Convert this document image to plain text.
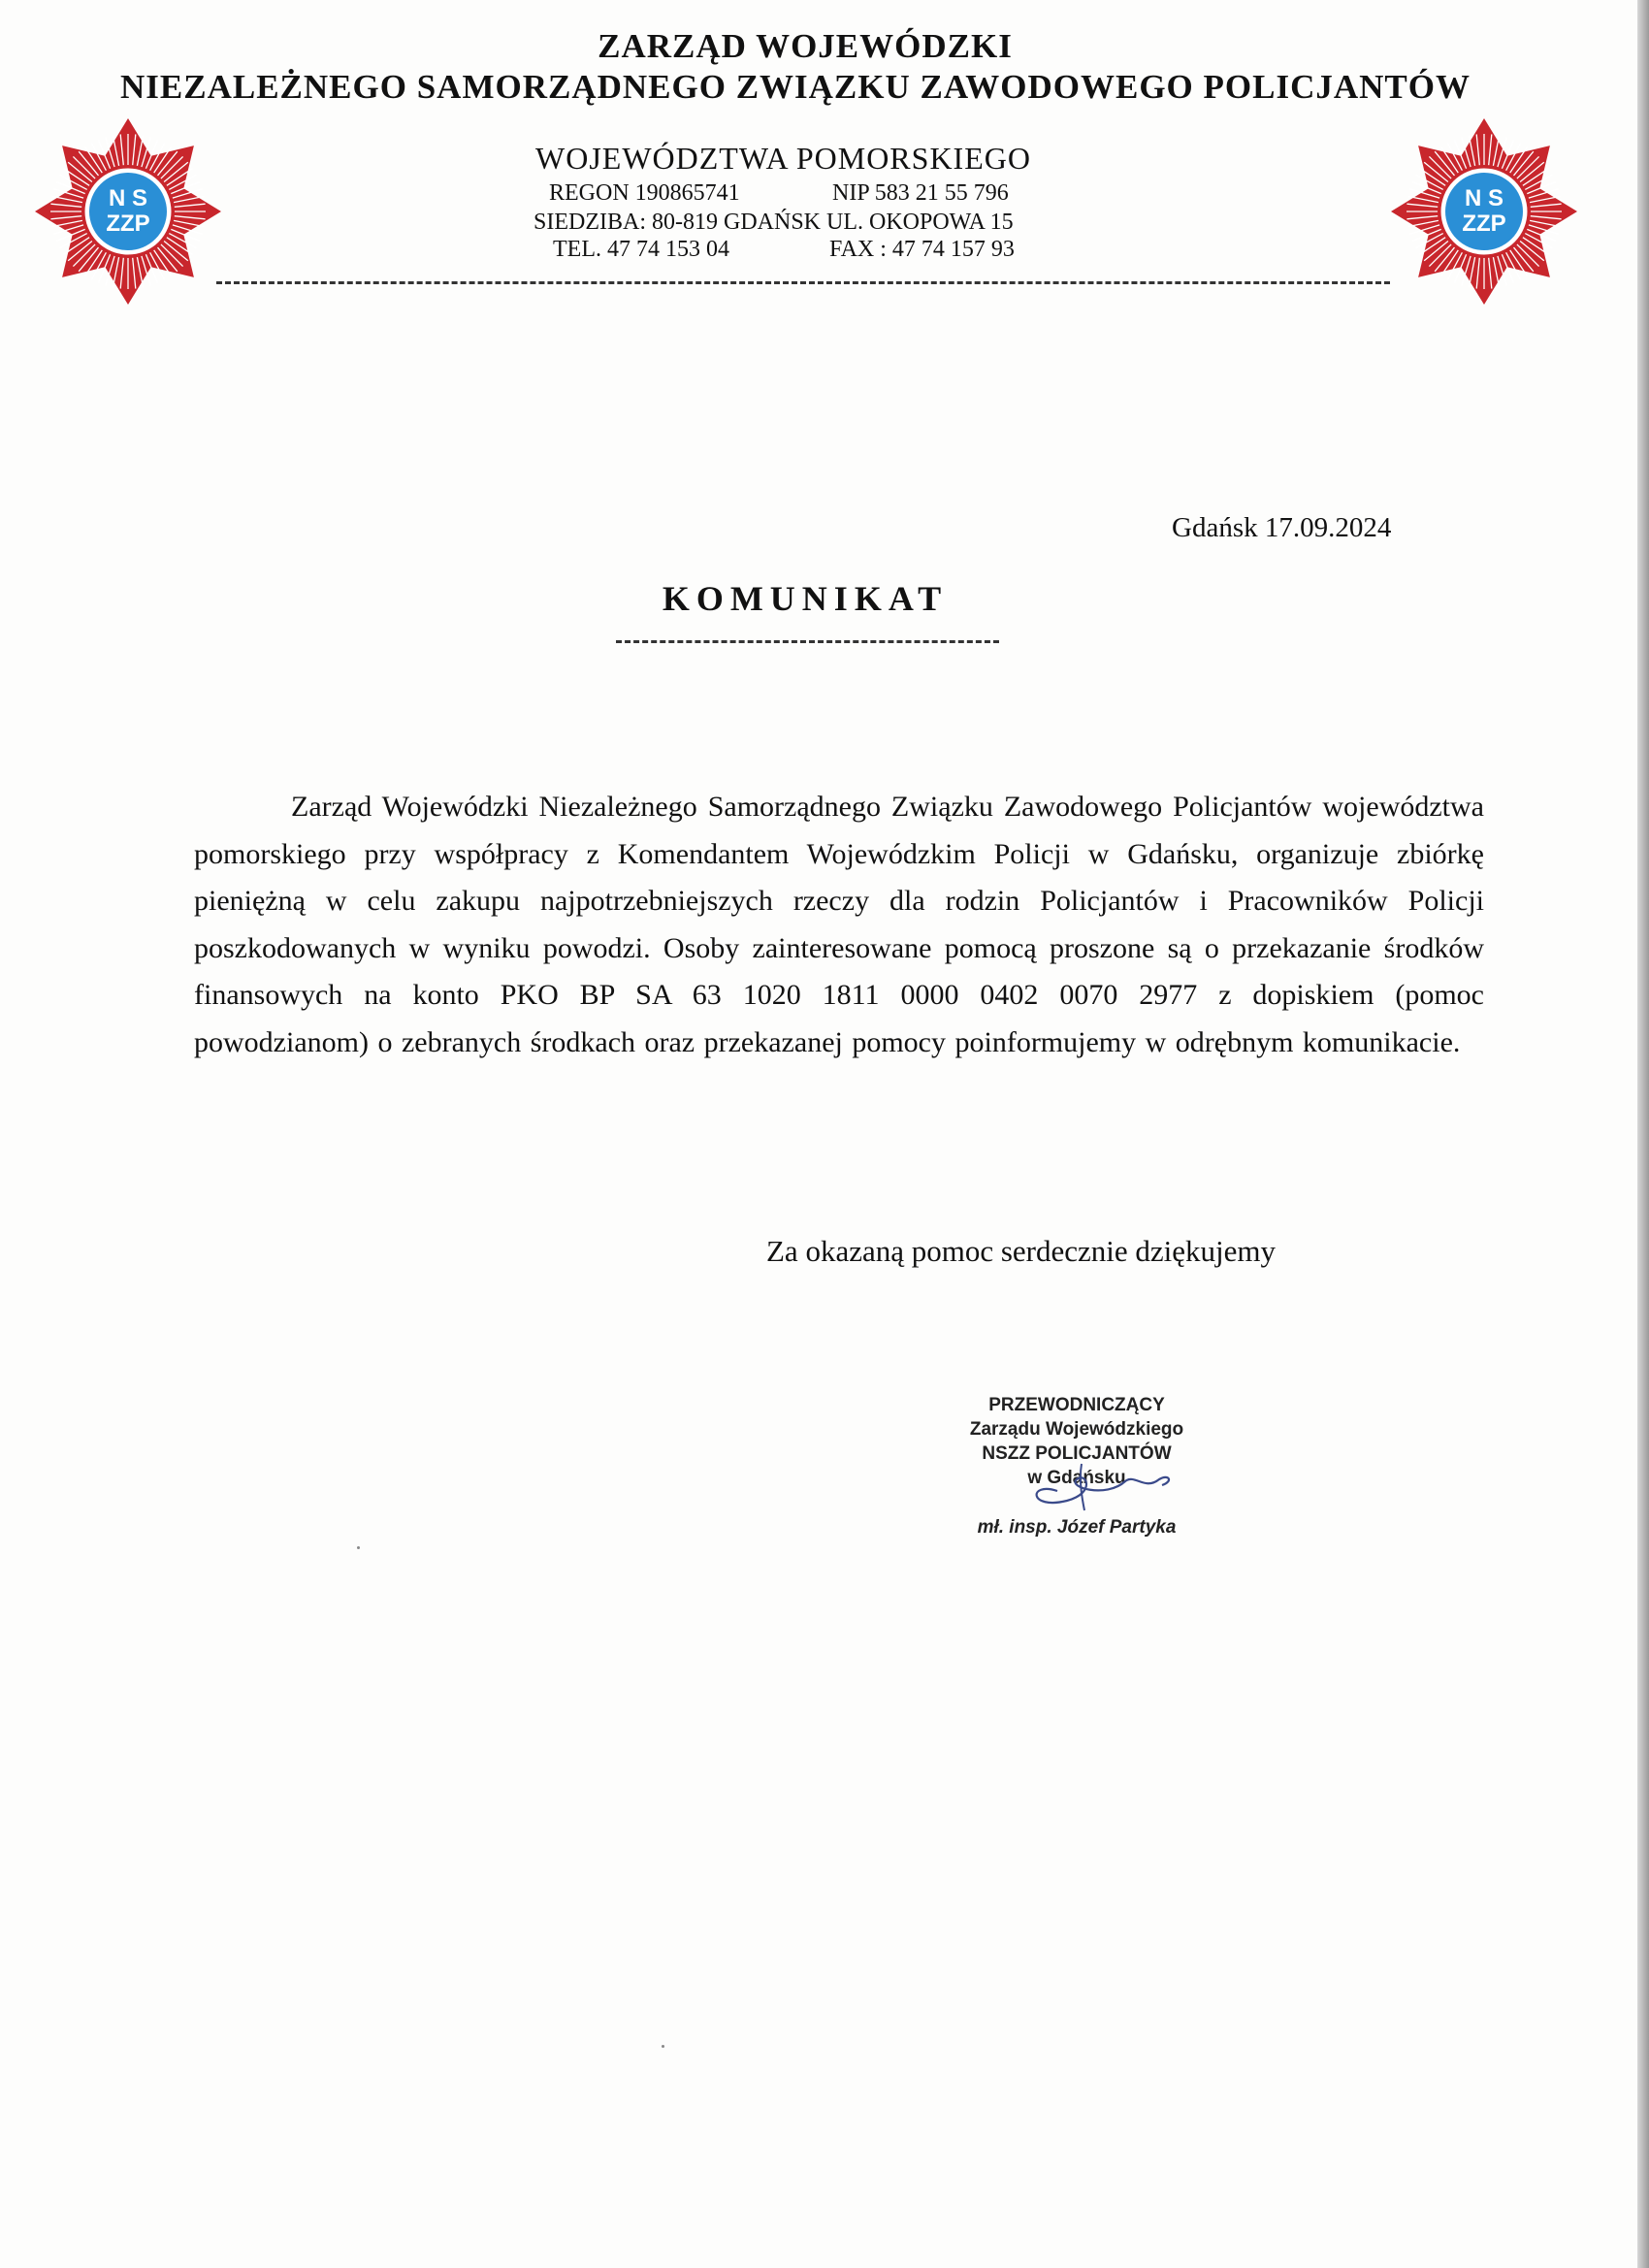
N S
ZZP
N S
ZZP
ZARZĄD WOJEWÓDZKI
NIEZALEŻNEGO SAMORZĄDNEGO ZWIĄZKU ZAWODOWEGO POLICJANTÓW
WOJEWÓDZTWA POMORSKIEGO
REGON 190865741	NIP 583 21 55 796
SIEDZIBA: 80-819 GDAŃSK UL. OKOPOWA 15
TEL. 47 74 153 04	FAX : 47 74 157 93
Gdańsk 17.09.2024
KOMUNIKAT

Zarząd Wojewódzki Niezależnego Samorządnego Związku Zawodowego Policjantów województwa pomorskiego przy współpracy z Komendantem Wojewódzkim Policji w Gdańsku, organizuje zbiórkę pieniężną w celu zakupu najpotrzebniejszych rzeczy dla rodzin Policjantów i Pracowników Policji poszkodowanych w wyniku powodzi. Osoby zainteresowane pomocą proszone są o przekazanie środków finansowych na konto PKO BP SA 63 1020 1811 0000 0402 0070 2977 z dopiskiem (pomoc powodzianom) o zebranych środkach oraz przekazanej pomocy poinformujemy w odrębnym komunikacie.

Za okazaną pomoc serdecznie dziękujemy
PRZEWODNICZĄCY
Zarządu Wojewódzkiego
NSZZ POLICJANTÓW
w Gdańsku
mł. insp. Józef Partyka
